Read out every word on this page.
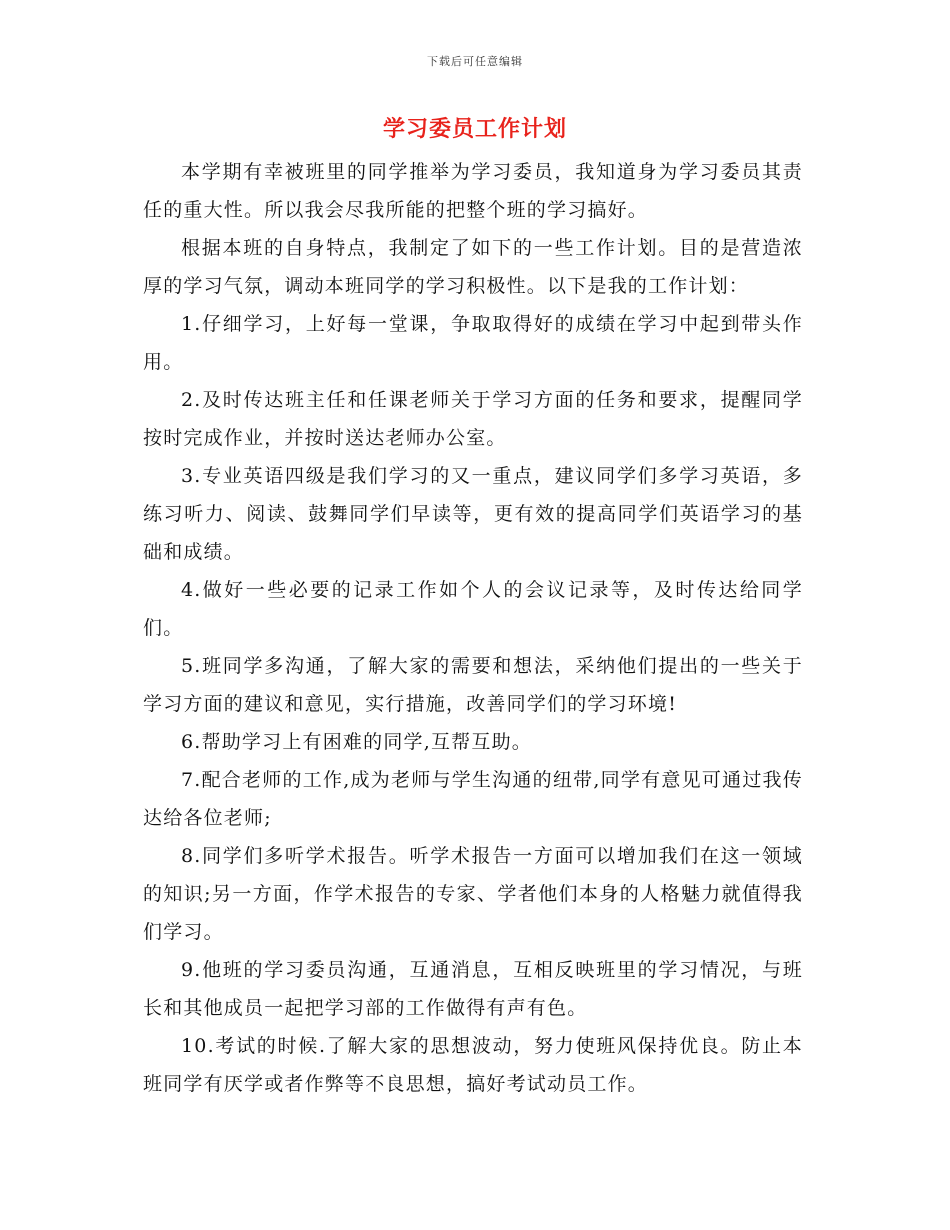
下载后可任意编辑
学习委员工作计划

本学期有幸被班里的同学推举为学习委员，我知道身为学习委员其责任的重大性。所以我会尽我所能的把整个班的学习搞好。

根据本班的自身特点，我制定了如下的一些工作计划。目的是营造浓厚的学习气氛，调动本班同学的学习积极性。以下是我的工作计划：

1.仔细学习，上好每一堂课，争取取得好的成绩在学习中起到带头作用。

2.及时传达班主任和任课老师关于学习方面的任务和要求，提醒同学按时完成作业，并按时送达老师办公室。

3.专业英语四级是我们学习的又一重点，建议同学们多学习英语，多练习听力、阅读、鼓舞同学们早读等，更有效的提高同学们英语学习的基础和成绩。

4.做好一些必要的记录工作如个人的会议记录等，及时传达给同学们。

5.班同学多沟通，了解大家的需要和想法，采纳他们提出的一些关于学习方面的建议和意见，实行措施，改善同学们的学习环境!

6.帮助学习上有困难的同学,互帮互助。

7.配合老师的工作,成为老师与学生沟通的纽带,同学有意见可通过我传达给各位老师;

8.同学们多听学术报告。听学术报告一方面可以增加我们在这一领域的知识;另一方面，作学术报告的专家、学者他们本身的人格魅力就值得我们学习。

9.他班的学习委员沟通，互通消息，互相反映班里的学习情况，与班长和其他成员一起把学习部的工作做得有声有色。

10.考试的时候.了解大家的思想波动，努力使班风保持优良。防止本班同学有厌学或者作弊等不良思想，搞好考试动员工作。
